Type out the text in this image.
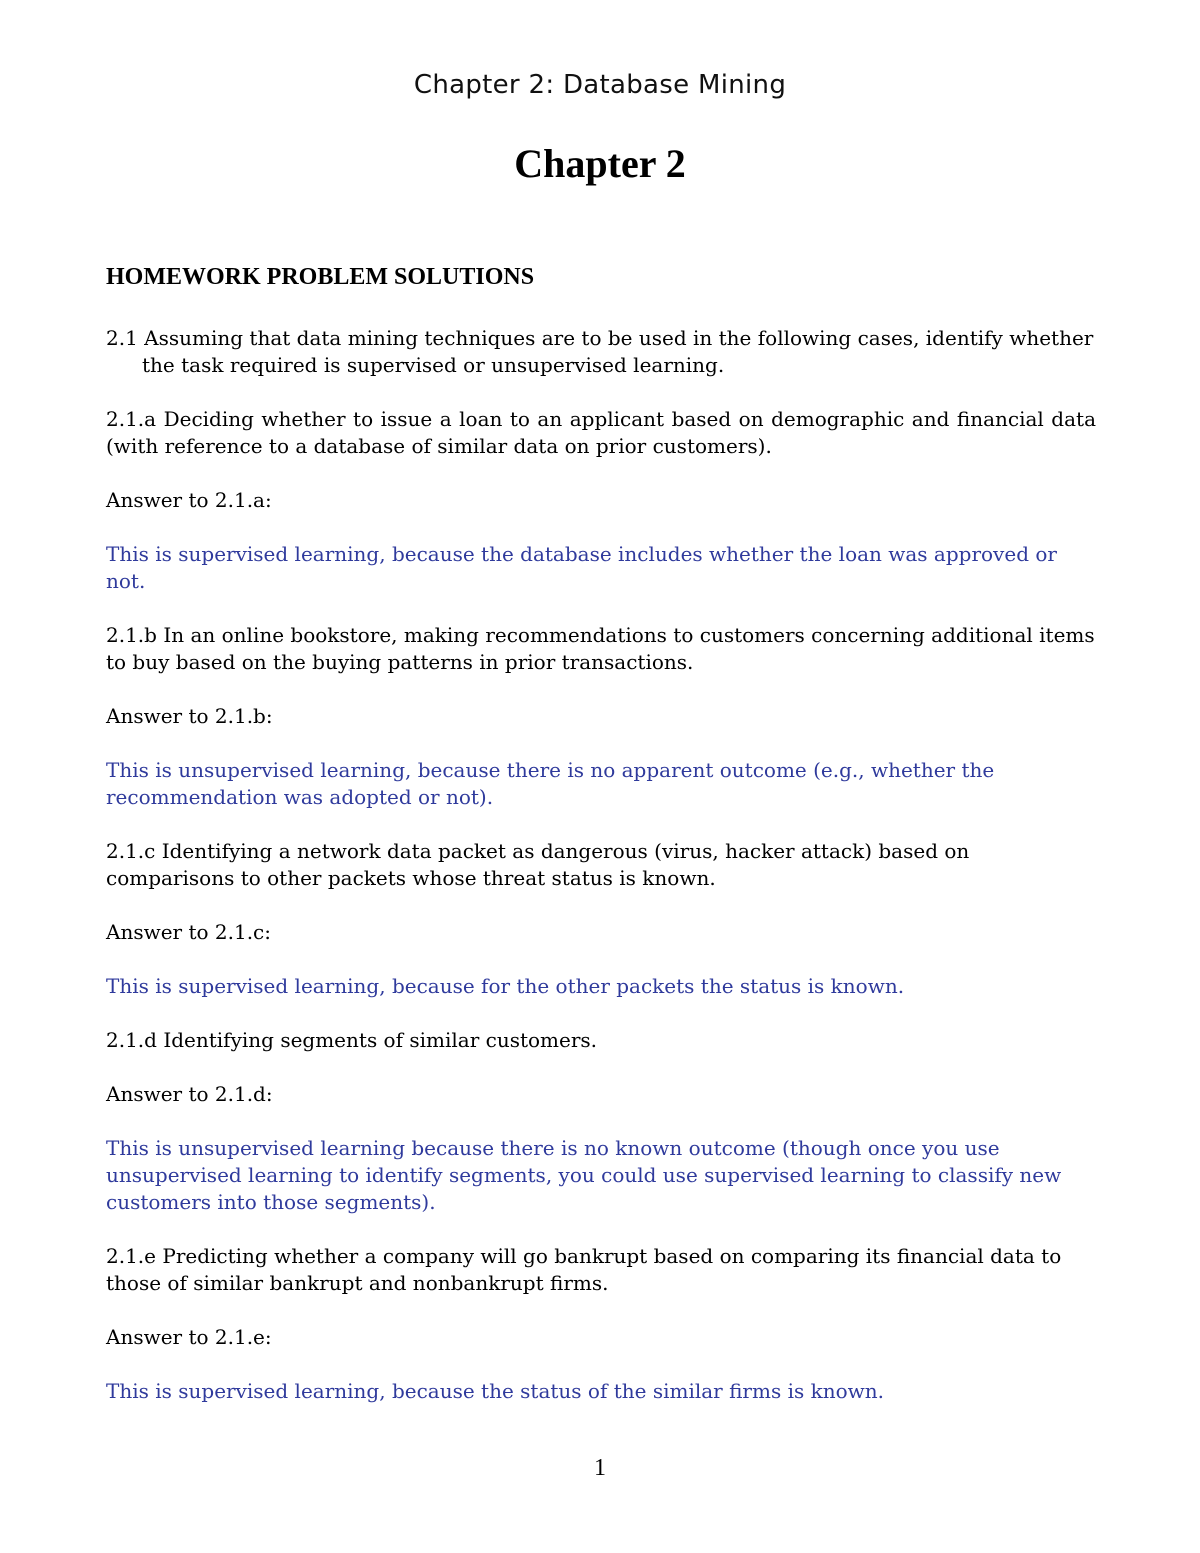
Chapter 2: Database Mining
Chapter 2
HOMEWORK PROBLEM SOLUTIONS

2.1 Assuming that data mining techniques are to be used in the following cases, identify whether the task required is supervised or unsupervised learning.

2.1.a Deciding whether to issue a loan to an applicant based on demographic and financial data (with reference to a database of similar data on prior customers).

Answer to 2.1.a:

This is supervised learning, because the database includes whether the loan was approved or not.

2.1.b In an online bookstore, making recommendations to customers concerning additional items to buy based on the buying patterns in prior transactions.

Answer to 2.1.b:

This is unsupervised learning, because there is no apparent outcome (e.g., whether the recommendation was adopted or not).

2.1.c Identifying a network data packet as dangerous (virus, hacker attack) based on comparisons to other packets whose threat status is known.

Answer to 2.1.c:

This is supervised learning, because for the other packets the status is known.

2.1.d Identifying segments of similar customers.

Answer to 2.1.d:

This is unsupervised learning because there is no known outcome (though once you use unsupervised learning to identify segments, you could use supervised learning to classify new customers into those segments).

2.1.e Predicting whether a company will go bankrupt based on comparing its financial data to those of similar bankrupt and nonbankrupt firms.

Answer to 2.1.e:

This is supervised learning, because the status of the similar firms is known.

1
